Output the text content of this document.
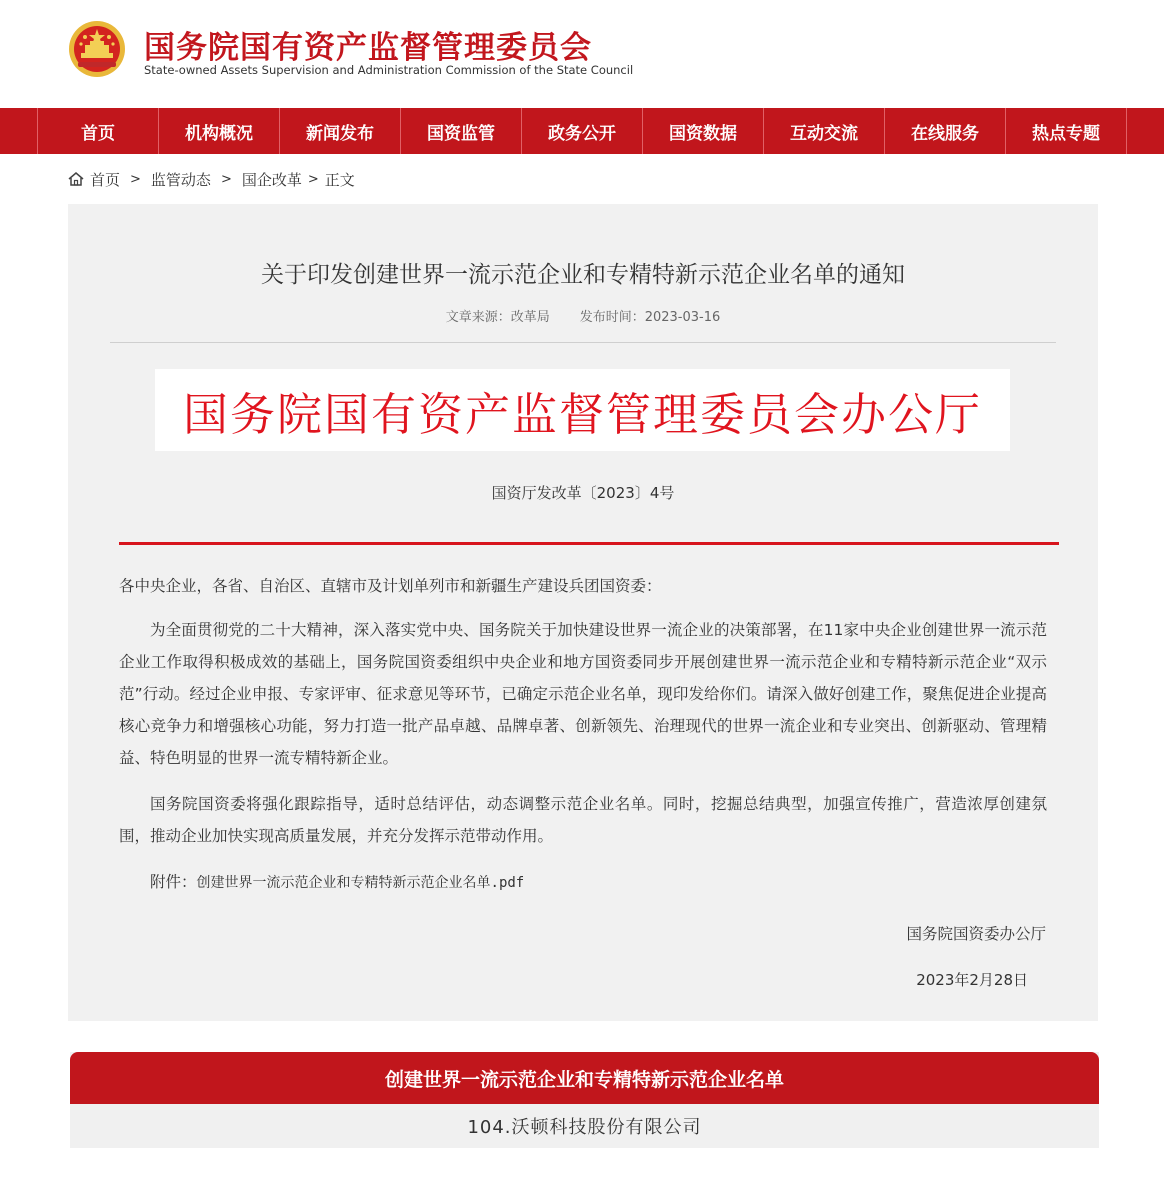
国务院国有资产监督管理委员会
State-owned Assets Supervision and Administration Commission of the State Council
首页	机构概况	新闻发布	国资监管	政务公开	国资数据	互动交流	在线服务	热点专题
首页 > 监管动态 > 国企改革 > 正文
关于印发创建世界一流示范企业和专精特新示范企业名单的通知
文章来源：改革局 发布时间：2023-03-16
国务院国有资产监督管理委员会办公厅
国资厅发改革〔2023〕4号

各中央企业，各省、自治区、直辖市及计划单列市和新疆生产建设兵团国资委：

为全面贯彻党的二十大精神，深入落实党中央、国务院关于加快建设世界一流企业的决策部署，在11家中央企业创建世界一流示范企业工作取得积极成效的基础上，国务院国资委组织中央企业和地方国资委同步开展创建世界一流示范企业和专精特新示范企业“双示范”行动。经过企业申报、专家评审、征求意见等环节，已确定示范企业名单，现印发给你们。请深入做好创建工作，聚焦促进企业提高核心竞争力和增强核心功能，努力打造一批产品卓越、品牌卓著、创新领先、治理现代的世界一流企业和专业突出、创新驱动、管理精益、特色明显的世界一流专精特新企业。

国务院国资委将强化跟踪指导，适时总结评估，动态调整示范企业名单。同时，挖掘总结典型，加强宣传推广，营造浓厚创建氛围，推动企业加快实现高质量发展，并充分发挥示范带动作用。

附件：创建世界一流示范企业和专精特新示范企业名单.pdf

国务院国资委办公厅
2023年2月28日
创建世界一流示范企业和专精特新示范企业名单
104.沃顿科技股份有限公司
